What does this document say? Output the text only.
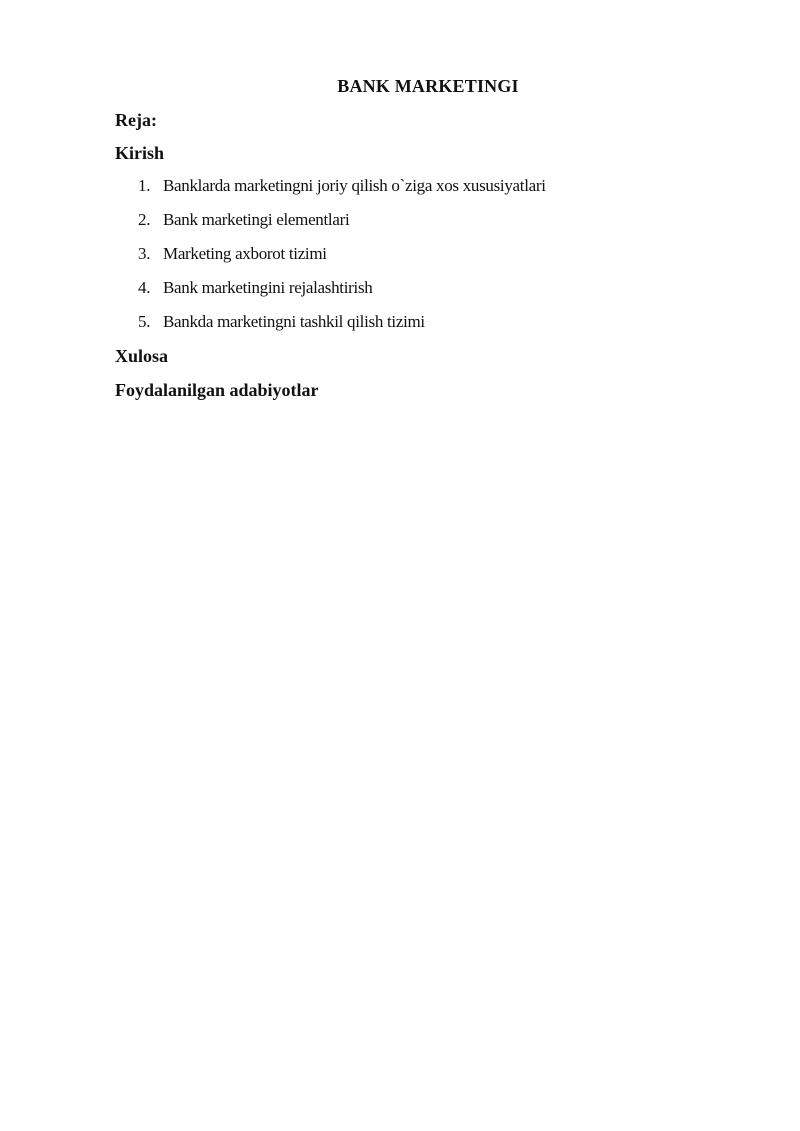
BANK MARKETINGI

Reja:

Kirish

1. Banklarda marketingni joriy qilish o`ziga xos xususiyatlari
2. Bank marketingi elementlari
3. Marketing axborot tizimi
4. Bank marketingini rejalashtirish
5. Bankda marketingni tashkil qilish tizimi

Xulosa

Foydalanilgan adabiyotlar
